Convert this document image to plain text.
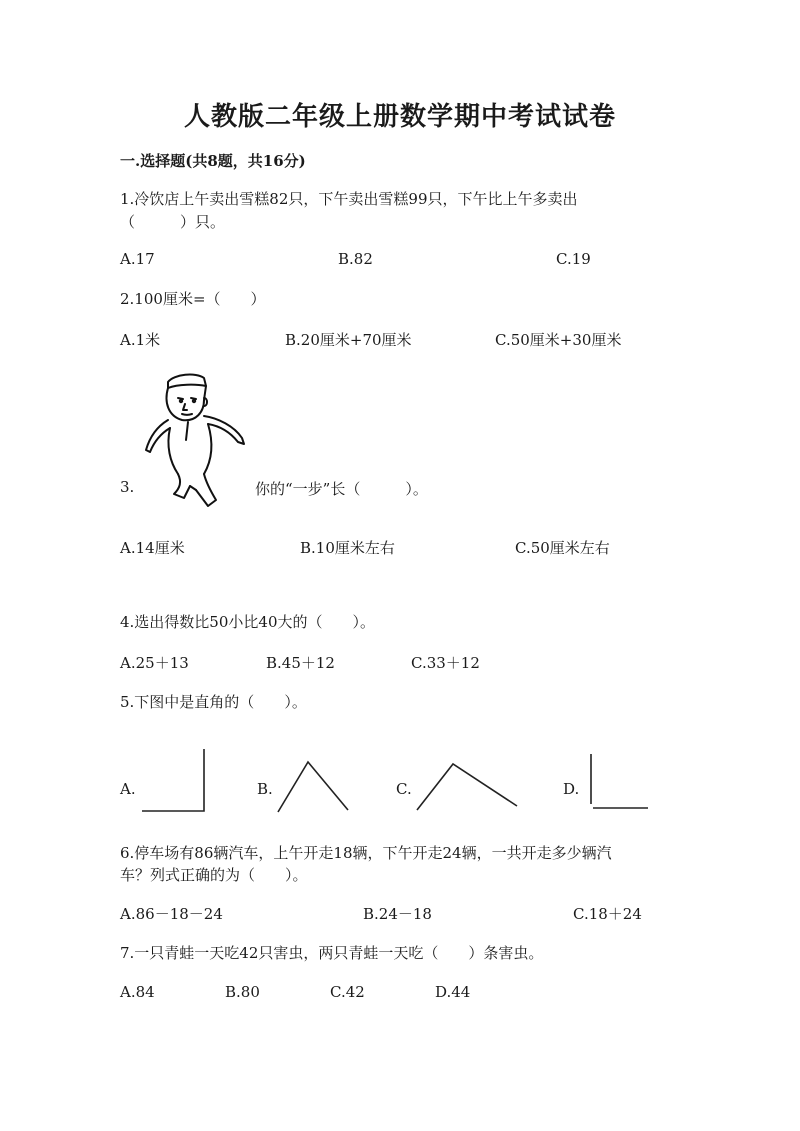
人教版二年级上册数学期中考试试卷
一.选择题(共8题，共16分)
1.冷饮店上午卖出雪糕82只，下午卖出雪糕99只，下午比上午多卖出
（　　　）只。
A.17	B.82	C.19
2.100厘米=（　　）
A.1米	B.20厘米+70厘米	C.50厘米+30厘米
3.	你的“一步”长（　　　）。
A.14厘米	B.10厘米左右	C.50厘米左右
4.选出得数比50小比40大的（　　）。
A.25＋13	B.45＋12	C.33＋12
5.下图中是直角的（　　）。
A.	B.	C.	D.
6.停车场有86辆汽车，上午开走18辆，下午开走24辆，一共开走多少辆汽
车？列式正确的为（　　）。
A.86－18－24	B.24－18	C.18＋24
7.一只青蛙一天吃42只害虫，两只青蛙一天吃（　　）条害虫。
A.84	B.80	C.42	D.44
